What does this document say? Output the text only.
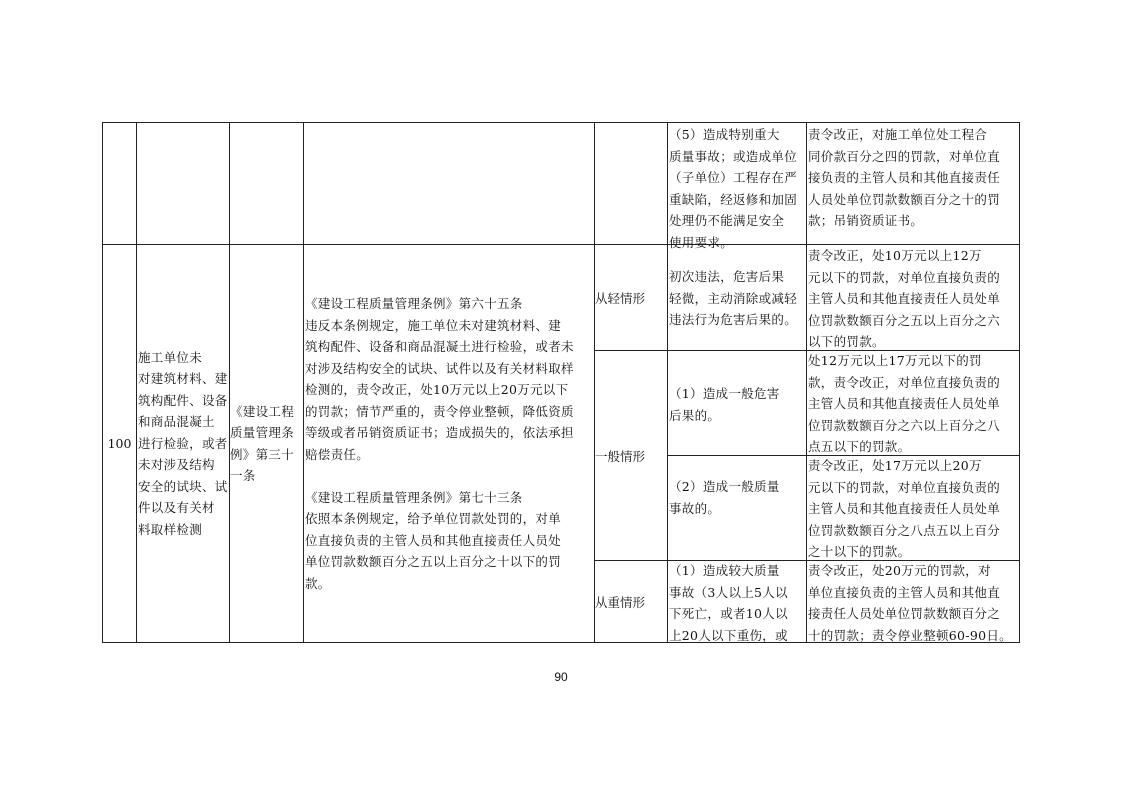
（5）造成特别重大
质量事故；或造成单位
（子单位）工程存在严
重缺陷，经返修和加固
处理仍不能满足安全
使用要求。
责令改正，对施工单位处工程合
同价款百分之四的罚款，对单位直
接负责的主管人员和其他直接责任
人员处单位罚款数额百分之十的罚
款；吊销资质证书。
100
施工单位未
对建筑材料、建
筑构配件、设备
和商品混凝土
进行检验，或者
未对涉及结构
安全的试块、试
件以及有关材
料取样检测
《建设工程
质量管理条
例》第三十
一条
《建设工程质量管理条例》第六十五条
违反本条例规定，施工单位未对建筑材料、建
筑构配件、设备和商品混凝土进行检验，或者未
对涉及结构安全的试块、试件以及有关材料取样
检测的，责令改正，处10万元以上20万元以下
的罚款；情节严重的，责令停业整顿，降低资质
等级或者吊销资质证书；造成损失的，依法承担
赔偿责任。

《建设工程质量管理条例》第七十三条
依照本条例规定，给予单位罚款处罚的，对单
位直接负责的主管人员和其他直接责任人员处
单位罚款数额百分之五以上百分之十以下的罚
款。
从轻情形
初次违法，危害后果
轻微，主动消除或减轻
违法行为危害后果的。
责令改正，处10万元以上12万
元以下的罚款，对单位直接负责的
主管人员和其他直接责任人员处单
位罚款数额百分之五以上百分之六
以下的罚款。
一般情形
（1）造成一般危害
后果的。
处12万元以上17万元以下的罚
款，责令改正，对单位直接负责的
主管人员和其他直接责任人员处单
位罚款数额百分之六以上百分之八
点五以下的罚款。
（2）造成一般质量
事故的。
责令改正，处17万元以上20万
元以下的罚款，对单位直接负责的
主管人员和其他直接责任人员处单
位罚款数额百分之八点五以上百分
之十以下的罚款。
从重情形
（1）造成较大质量
事故（3人以上5人以
下死亡，或者10人以
上20人以下重伤，或
责令改正，处20万元的罚款，对
单位直接负责的主管人员和其他直
接责任人员处单位罚款数额百分之
十的罚款；责令停业整顿60-90日。
90
